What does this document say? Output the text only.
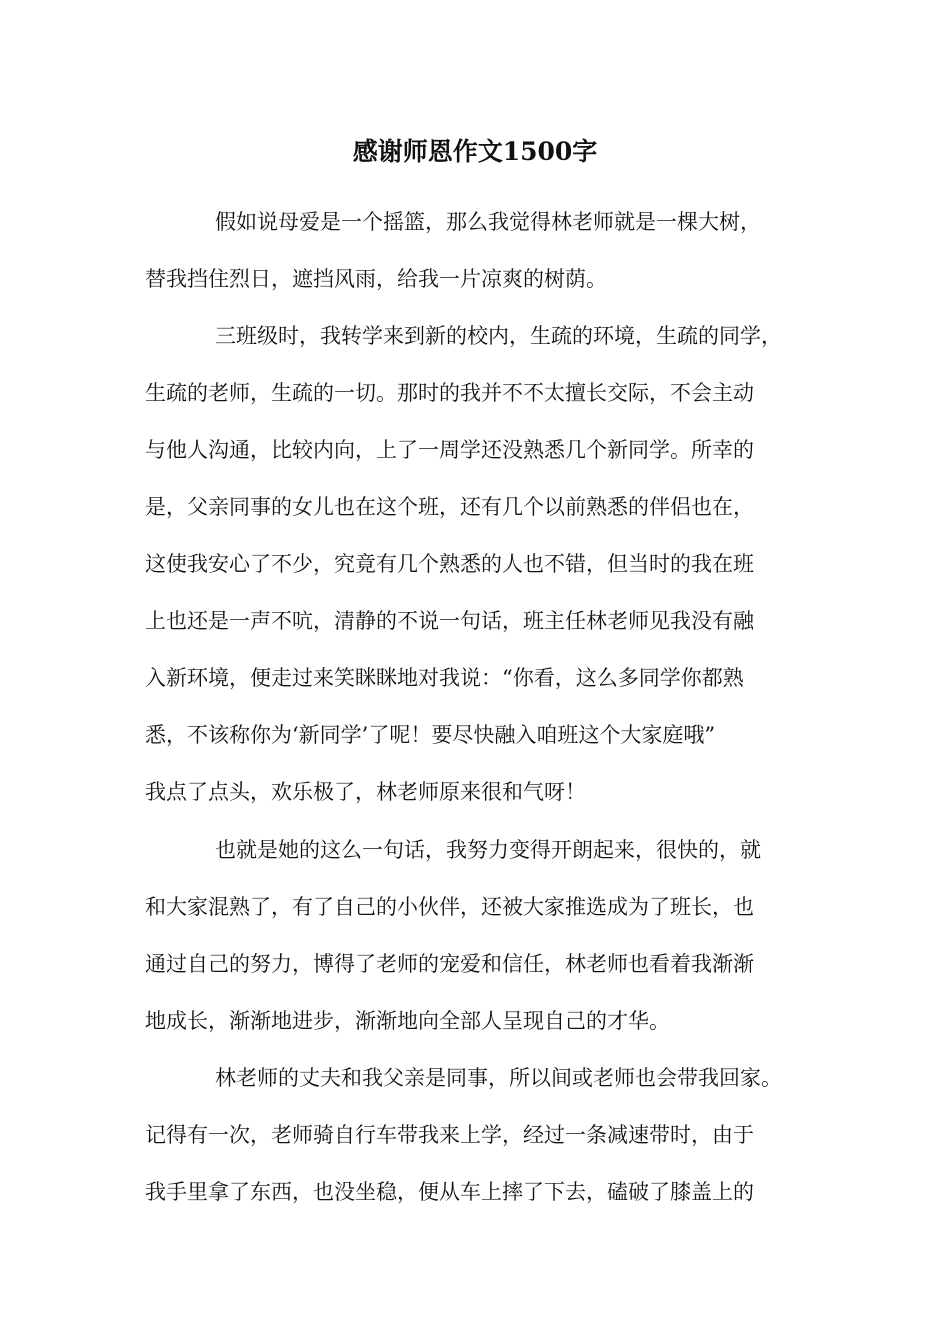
感谢师恩作文1500字
假如说母爱是一个摇篮，那么我觉得林老师就是一棵大树，
替我挡住烈日，遮挡风雨，给我一片凉爽的树荫。
三班级时，我转学来到新的校内，生疏的环境，生疏的同学，
生疏的老师，生疏的一切。那时的我并不不太擅长交际，不会主动
与他人沟通，比较内向，上了一周学还没熟悉几个新同学。所幸的
是，父亲同事的女儿也在这个班，还有几个以前熟悉的伴侣也在，
这使我安心了不少，究竟有几个熟悉的人也不错，但当时的我在班
上也还是一声不吭，清静的不说一句话，班主任林老师见我没有融
入新环境，便走过来笑眯眯地对我说：“你看，这么多同学你都熟
悉，不该称你为‘新同学’了呢！要尽快融入咱班这个大家庭哦”
我点了点头，欢乐极了，林老师原来很和气呀！
也就是她的这么一句话，我努力变得开朗起来，很快的，就
和大家混熟了，有了自己的小伙伴，还被大家推选成为了班长，也
通过自己的努力，博得了老师的宠爱和信任，林老师也看着我渐渐
地成长，渐渐地进步，渐渐地向全部人呈现自己的才华。
林老师的丈夫和我父亲是同事，所以间或老师也会带我回家。
记得有一次，老师骑自行车带我来上学，经过一条减速带时，由于
我手里拿了东西，也没坐稳，便从车上摔了下去，磕破了膝盖上的
